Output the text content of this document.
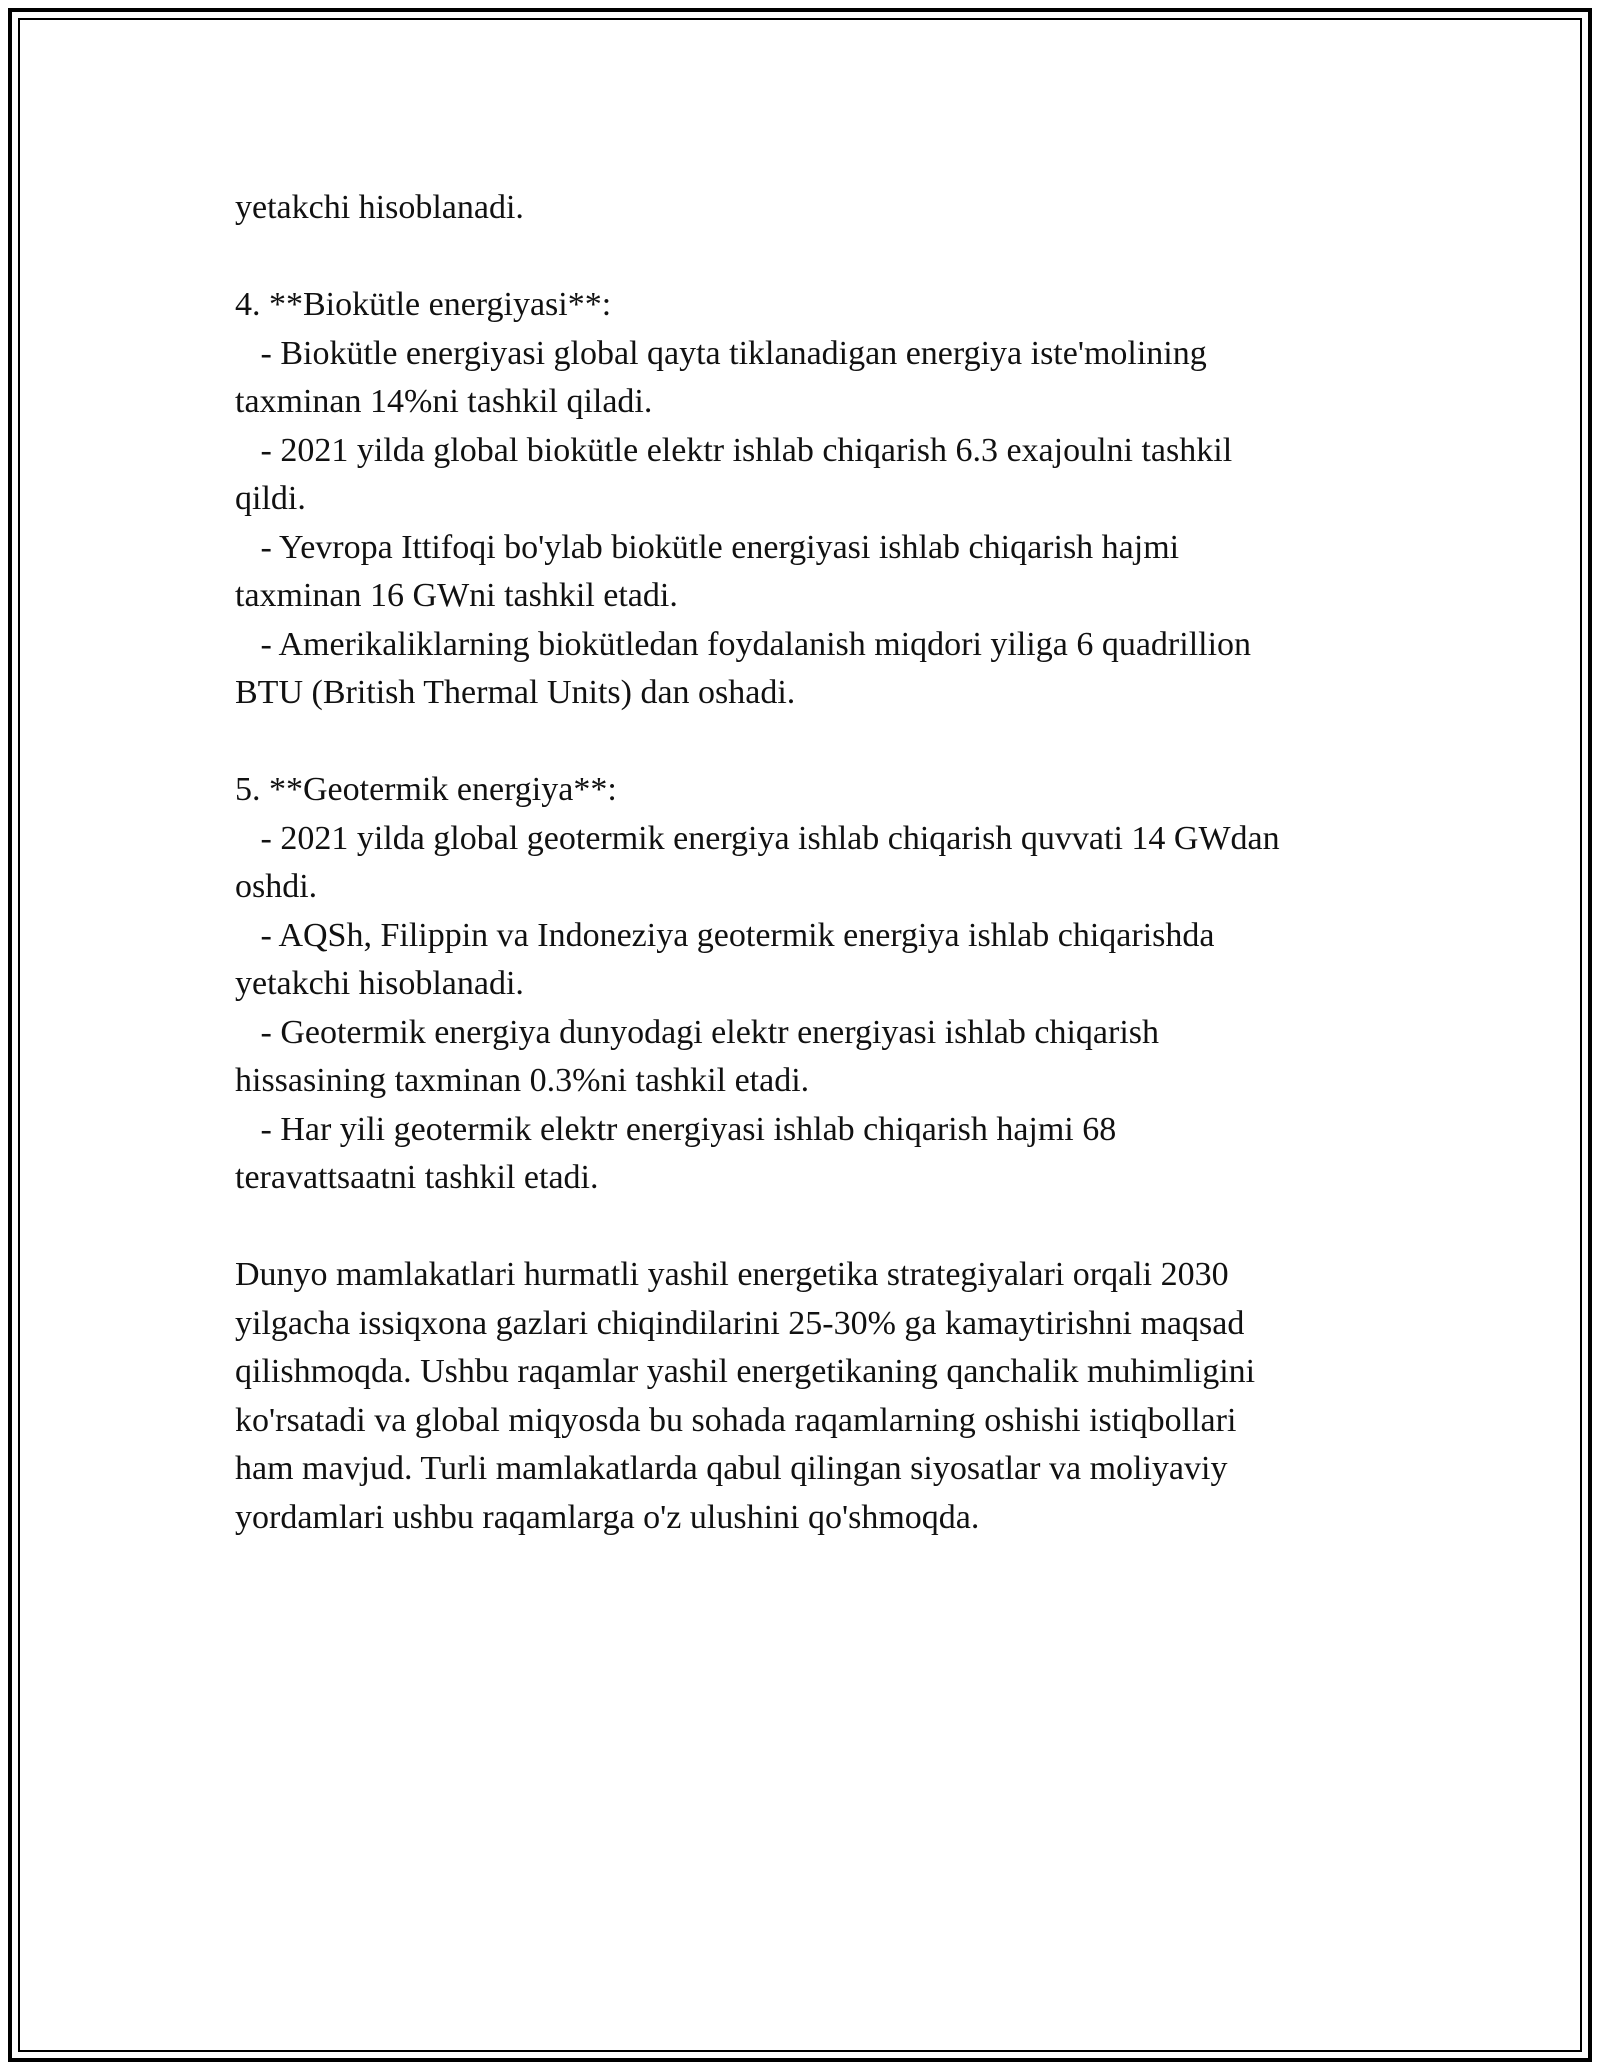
yetakchi hisoblanadi.
4. **Biokütle energiyasi**:
- Biokütle energiyasi global qayta tiklanadigan energiya iste'molining
taxminan 14%ni tashkil qiladi.
- 2021 yilda global biokütle elektr ishlab chiqarish 6.3 exajoulni tashkil
qildi.
- Yevropa Ittifoqi bo'ylab biokütle energiyasi ishlab chiqarish hajmi
taxminan 16 GWni tashkil etadi.
- Amerikaliklarning biokütledan foydalanish miqdori yiliga 6 quadrillion
BTU (British Thermal Units) dan oshadi.
5. **Geotermik energiya**:
- 2021 yilda global geotermik energiya ishlab chiqarish quvvati 14 GWdan
oshdi.
- AQSh, Filippin va Indoneziya geotermik energiya ishlab chiqarishda
yetakchi hisoblanadi.
- Geotermik energiya dunyodagi elektr energiyasi ishlab chiqarish
hissasining taxminan 0.3%ni tashkil etadi.
- Har yili geotermik elektr energiyasi ishlab chiqarish hajmi 68
teravattsaatni tashkil etadi.
Dunyo mamlakatlari hurmatli yashil energetika strategiyalari orqali 2030
yilgacha issiqxona gazlari chiqindilarini 25-30% ga kamaytirishni maqsad
qilishmoqda. Ushbu raqamlar yashil energetikaning qanchalik muhimligini
ko'rsatadi va global miqyosda bu sohada raqamlarning oshishi istiqbollari
ham mavjud. Turli mamlakatlarda qabul qilingan siyosatlar va moliyaviy
yordamlari ushbu raqamlarga o'z ulushini qo'shmoqda.
